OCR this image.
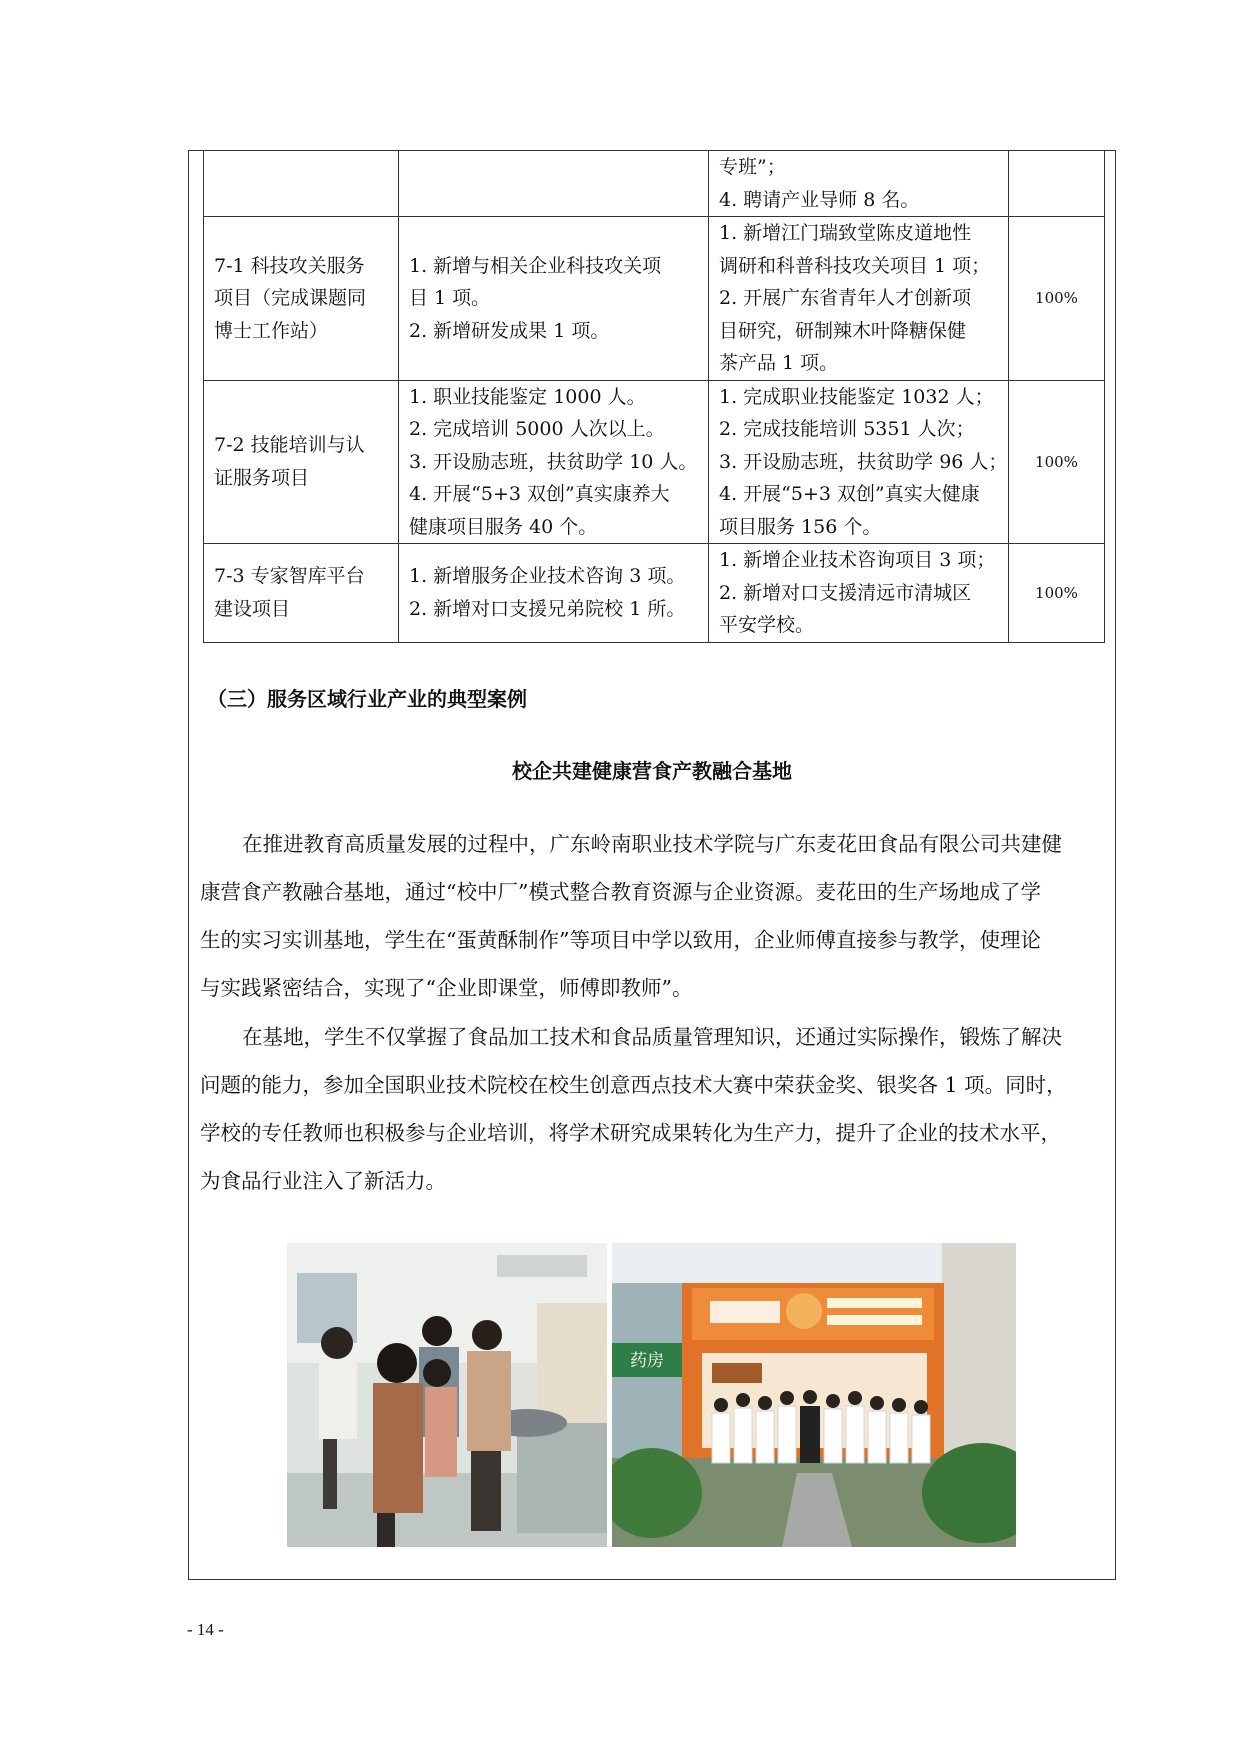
		专班”；
4. 聘请产业导师 8 名。	

7-1 科技攻关服务
项目（完成课题同
博士工作站）	1. 新增与相关企业科技攻关项
目 1 项。
2. 新增研发成果 1 项。	1. 新增江门瑞致堂陈皮道地性
调研和科普科技攻关项目 1 项；
2. 开展广东省青年人才创新项
目研究，研制辣木叶降糖保健
茶产品 1 项。	100%

7-2 技能培训与认
证服务项目	1. 职业技能鉴定 1000 人。
2. 完成培训 5000 人次以上。
3. 开设励志班，扶贫助学 10 人。
4. 开展“5+3 双创”真实康养大
健康项目服务 40 个。	1. 完成职业技能鉴定 1032 人；
2. 完成技能培训 5351 人次；
3. 开设励志班，扶贫助学 96 人；
4. 开展“5+3 双创”真实大健康
项目服务 156 个。	100%

7-3 专家智库平台
建设项目	1. 新增服务企业技术咨询 3 项。
2. 新增对口支援兄弟院校 1 所。	1. 新增企业技术咨询项目 3 项；
2. 新增对口支援清远市清城区
平安学校。	100%
（三）服务区域行业产业的典型案例
校企共建健康营食产教融合基地
在推进教育高质量发展的过程中，广东岭南职业技术学院与广东麦花田食品有限公司共建健
康营食产教融合基地，通过“校中厂”模式整合教育资源与企业资源。麦花田的生产场地成了学
生的实习实训基地，学生在“蛋黄酥制作”等项目中学以致用，企业师傅直接参与教学，使理论
与实践紧密结合，实现了“企业即课堂，师傅即教师”。
在基地，学生不仅掌握了食品加工技术和食品质量管理知识，还通过实际操作，锻炼了解决
问题的能力，参加全国职业技术院校在校生创意西点技术大赛中荣获金奖、银奖各 1 项。同时，
学校的专任教师也积极参与企业培训，将学术研究成果转化为生产力，提升了企业的技术水平，
为食品行业注入了新活力。
药房
- 14 -
